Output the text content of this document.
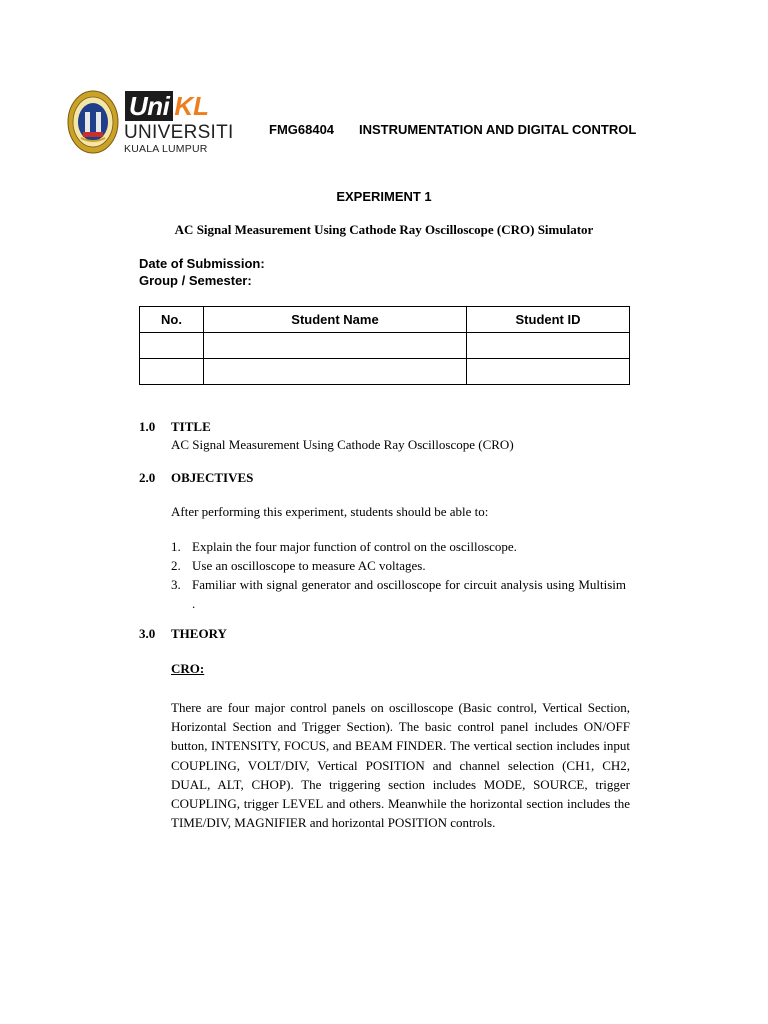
Uni KL
UNIVERSITI
KUALA LUMPUR
FMG68404 INSTRUMENTATION AND DIGITAL CONTROL
EXPERIMENT 1
AC Signal Measurement Using Cathode Ray Oscilloscope (CRO) Simulator
Date of Submission:
Group / Semester:
No.	Student Name	Student ID

1.0 TITLE
AC Signal Measurement Using Cathode Ray Oscilloscope (CRO)
2.0 OBJECTIVES
After performing this experiment, students should be able to:
1. Explain the four major function of control on the oscilloscope.
2. Use an oscilloscope to measure AC voltages.
3. Familiar with signal generator and oscilloscope for circuit analysis using Multisim .
3.0 THEORY
CRO:
There are four major control panels on oscilloscope (Basic control, Vertical Section, Horizontal Section and Trigger Section). The basic control panel includes ON/OFF button, INTENSITY, FOCUS, and BEAM FINDER. The vertical section includes input COUPLING, VOLT/DIV, Vertical POSITION and channel selection (CH1, CH2, DUAL, ALT, CHOP). The triggering section includes MODE, SOURCE, trigger COUPLING, trigger LEVEL and others. Meanwhile the horizontal section includes the TIME/DIV, MAGNIFIER and horizontal POSITION controls.
